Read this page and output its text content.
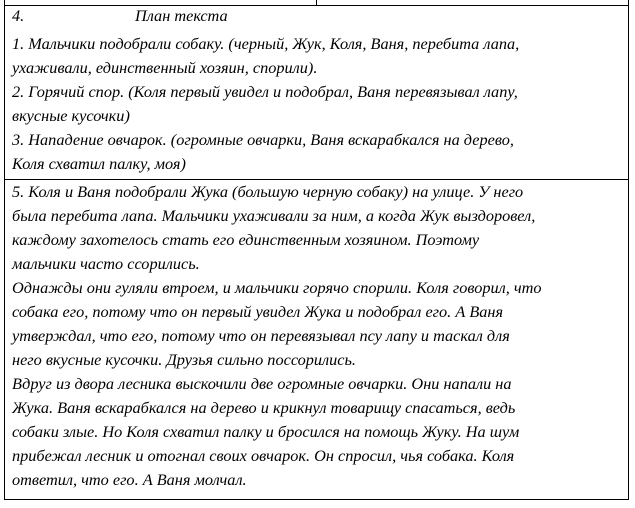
4.	План текста
1. Мальчики подобрали собаку. (черный, Жук, Коля, Ваня, перебита лапа,
ухаживали, единственный хозяин, спорили).
2. Горячий спор. (Коля первый увидел и подобрал, Ваня перевязывал лапу,
вкусные кусочки)
3. Нападение овчарок. (огромные овчарки, Ваня вскарабкался на дерево,
Коля схватил палку, моя)
5. Коля и Ваня подобрали Жука (большую черную собаку) на улице. У него
была перебита лапа. Мальчики ухаживали за ним, а когда Жук выздоровел,
каждому захотелось стать его единственным хозяином. Поэтому
мальчики часто ссорились.
Однажды они гуляли втроем, и мальчики горячо спорили. Коля говорил, что
собака его, потому что он первый увидел Жука и подобрал его. А Ваня
утверждал, что его, потому что он перевязывал псу лапу и таскал для
него вкусные кусочки. Друзья сильно поссорились.
Вдруг из двора лесника выскочили две огромные овчарки. Они напали на
Жука. Ваня вскарабкался на дерево и крикнул товарищу спасаться, ведь
собаки злые. Но Коля схватил палку и бросился на помощь Жуку. На шум
прибежал лесник и отогнал своих овчарок. Он спросил, чья собака. Коля
ответил, что его. А Ваня молчал.
